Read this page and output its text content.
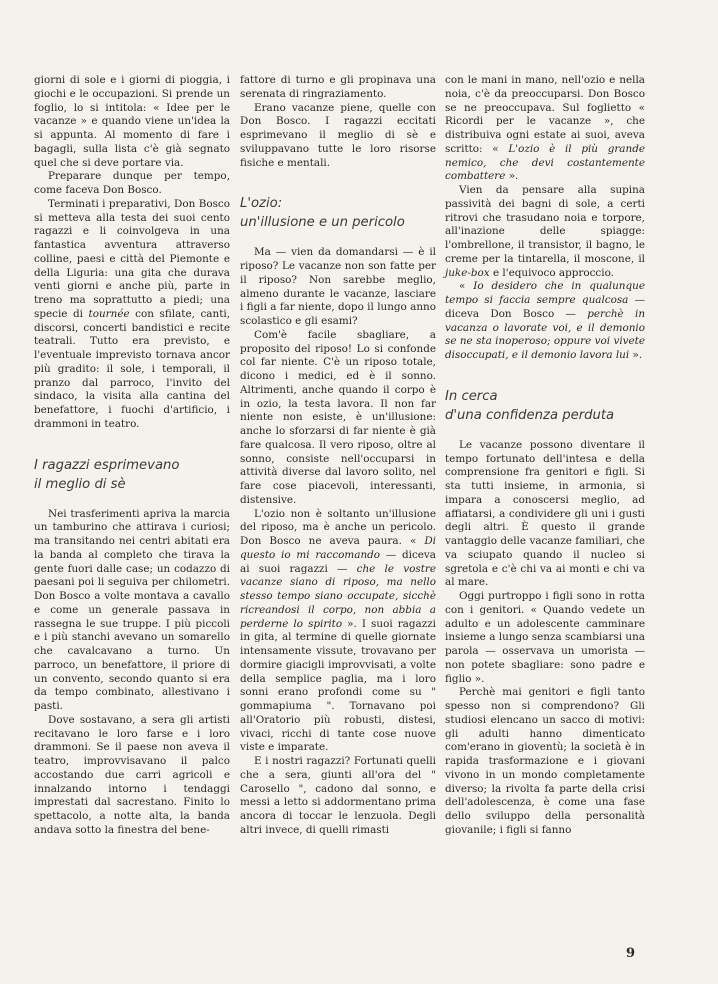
giorni di sole e i giorni di pioggia, i giochi e le occupazioni. Si prende un foglio, lo si intitola: « Idee per le vacanze » e quando viene un'idea la si appunta. Al momento di fare i bagagli, sulla lista c'è già segnato quel che si deve portare via.

Preparare dunque per tempo, come faceva Don Bosco.

Terminati i preparativi, Don Bosco si metteva alla testa dei suoi cento ragazzi e li coinvolgeva in una fantastica avventura attraverso colline, paesi e città del Piemonte e della Liguria: una gita che durava venti giorni e anche più, parte in treno ma soprattutto a piedi; una specie di tournée con sfilate, canti, discorsi, concerti bandistici e recite teatrali. Tutto era previsto, e l'eventuale imprevisto tornava ancor più gradito: il sole, i temporali, il pranzo dal parroco, l'invito del sindaco, la visita alla cantina del benefattore, i fuochi d'artificio, i drammoni in teatro.

I ragazzi esprimevano
il meglio di sè

Nei trasferimenti apriva la marcia un tamburino che attirava i curiosi; ma transitando nei centri abitati era la banda al completo che tirava la gente fuori dalle case; un codazzo di paesani poi li seguiva per chilometri. Don Bosco a volte montava a cavallo e come un generale passava in rassegna le sue truppe. I più piccoli e i più stanchi avevano un somarello che cavalcavano a turno. Un parroco, un benefattore, il priore di un convento, secondo quanto si era da tempo combinato, allestivano i pasti.

Dove sostavano, a sera gli artisti recitavano le loro farse e i loro drammoni. Se il paese non aveva il teatro, improvvisavano il palco accostando due carri agricoli e innalzando intorno i tendaggi imprestati dal sacrestano. Finito lo spettacolo, a notte alta, la banda andava sotto la finestra del bene-

fattore di turno e gli propinava una serenata di ringraziamento.

Erano vacanze piene, quelle con Don Bosco. I ragazzi eccitati esprimevano il meglio di sè e sviluppavano tutte le loro risorse fisiche e mentali.

L'ozio:
un'illusione e un pericolo

Ma — vien da domandarsi — è il riposo? Le vacanze non son fatte per il riposo? Non sarebbe meglio, almeno durante le vacanze, lasciare i figli a far niente, dopo il lungo anno scolastico e gli esami?

Com'è facile sbagliare, a proposito del riposo! Lo si confonde col far niente. C'è un riposo totale, dicono i medici, ed è il sonno. Altrimenti, anche quando il corpo è in ozio, la testa lavora. Il non far niente non esiste, è un'illusione: anche lo sforzarsi di far niente è già fare qualcosa. Il vero riposo, oltre al sonno, consiste nell'occuparsi in attività diverse dal lavoro solito, nel fare cose piacevoli, interessanti, distensive.

L'ozio non è soltanto un'illusione del riposo, ma è anche un pericolo. Don Bosco ne aveva paura. « Di questo io mi raccomando — diceva ai suoi ragazzi — che le vostre vacanze siano di riposo, ma nello stesso tempo siano occupate, sicchè ricreandosi il corpo, non abbia a perderne lo spirito ». I suoi ragazzi in gita, al termine di quelle giornate intensamente vissute, trovavano per dormire giacigli improvvisati, a volte della semplice paglia, ma i loro sonni erano profondi come su " gommapiuma ". Tornavano poi all'Oratorio più robusti, distesi, vivaci, ricchi di tante cose nuove viste e imparate.

E i nostri ragazzi? Fortunati quelli che a sera, giunti all'ora del " Carosello ", cadono dal sonno, e messi a letto si addormentano prima ancora di toccar le lenzuola. Degli altri invece, di quelli rimasti

con le mani in mano, nell'ozio e nella noia, c'è da preoccuparsi. Don Bosco se ne preoccupava. Sul foglietto « Ricordi per le vacanze », che distribuiva ogni estate ai suoi, aveva scritto: « L'ozio è il più grande nemico, che devi costantemente combattere ».

Vien da pensare alla supina passività dei bagni di sole, a certi ritrovi che trasudano noia e torpore, all'inazione delle spiagge: l'ombrellone, il transistor, il bagno, le creme per la tintarella, il moscone, il juke-box e l'equivoco approccio.

« Io desidero che in qualunque tempo si faccia sempre qualcosa — diceva Don Bosco — perchè in vacanza o lavorate voi, e il demonio se ne sta inoperoso; oppure voi vivete disoccupati, e il demonio lavora lui ».

In cerca
d'una confidenza perduta

Le vacanze possono diventare il tempo fortunato dell'intesa e della comprensione fra genitori e figli. Si sta tutti insieme, in armonia, si impara a conoscersi meglio, ad affiatarsi, a condividere gli uni i gusti degli altri. È questo il grande vantaggio delle vacanze familiari, che va sciupato quando il nucleo si sgretola e c'è chi va ai monti e chi va al mare.

Oggi purtroppo i figli sono in rotta con i genitori. « Quando vedete un adulto e un adolescente camminare insieme a lungo senza scambiarsi una parola — osservava un umorista — non potete sbagliare: sono padre e figlio ».

Perchè mai genitori e figli tanto spesso non si comprendono? Gli studiosi elencano un sacco di motivi: gli adulti hanno dimenticato com'erano in gioventù; la società è in rapida trasformazione e i giovani vivono in un mondo completamente diverso; la rivolta fa parte della crisi dell'adolescenza, è come una fase dello sviluppo della personalità giovanile; i figli si fanno

9
